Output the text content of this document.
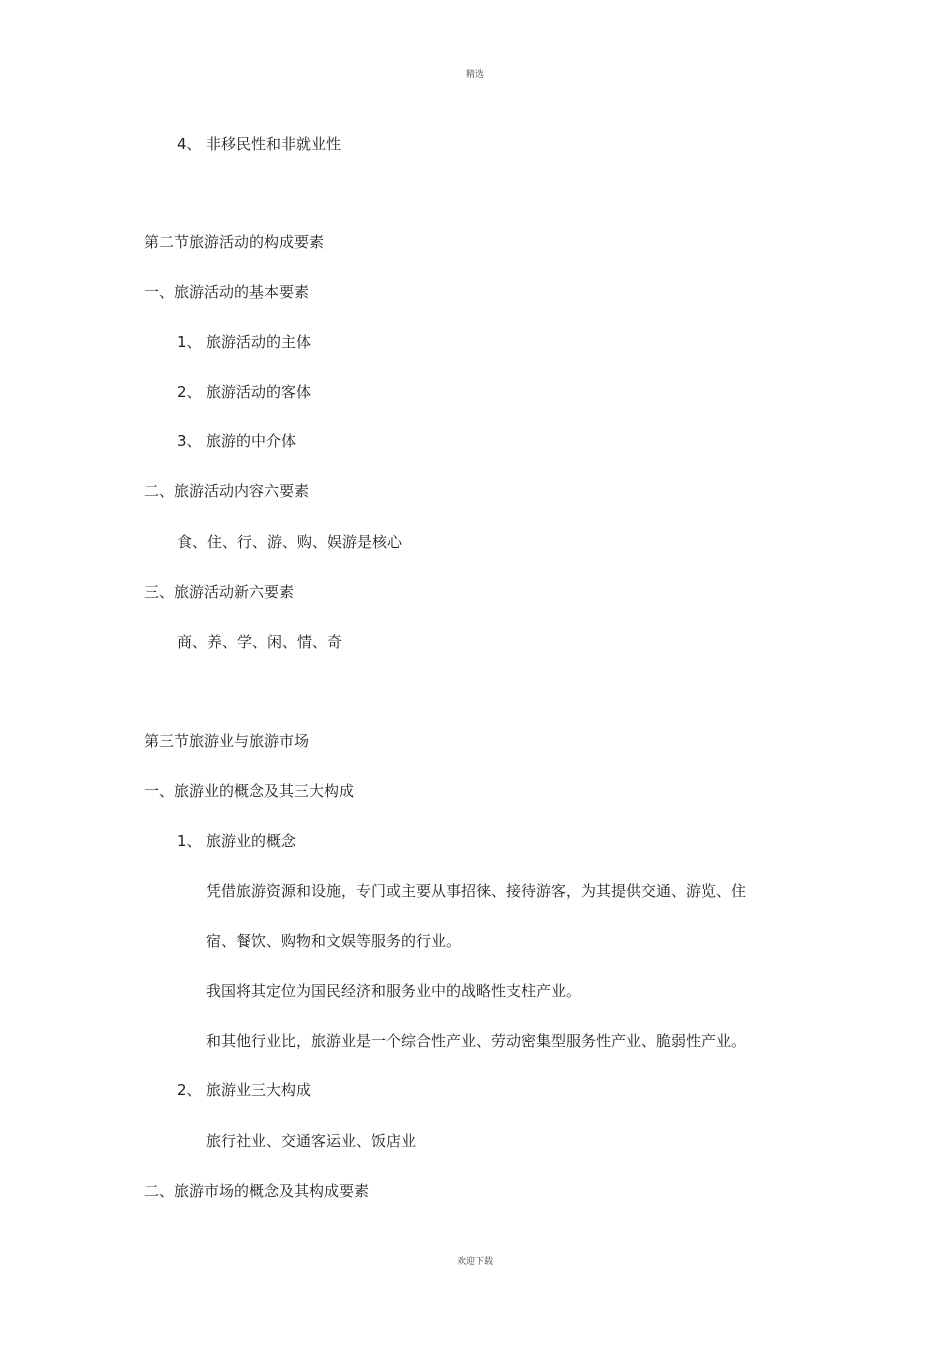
精选
4、 非移民性和非就业性
第二节旅游活动的构成要素
一、旅游活动的基本要素
1、 旅游活动的主体
2、 旅游活动的客体
3、 旅游的中介体
二、旅游活动内容六要素
食、住、行、游、购、娱游是核心
三、旅游活动新六要素
商、养、学、闲、情、奇
第三节旅游业与旅游市场
一、旅游业的概念及其三大构成
1、 旅游业的概念
凭借旅游资源和设施，专门或主要从事招徕、接待游客，为其提供交通、游览、住
宿、餐饮、购物和文娱等服务的行业。
我国将其定位为国民经济和服务业中的战略性支柱产业。
和其他行业比，旅游业是一个综合性产业、劳动密集型服务性产业、脆弱性产业。
2、 旅游业三大构成
旅行社业、交通客运业、饭店业
二、旅游市场的概念及其构成要素
欢迎下载
